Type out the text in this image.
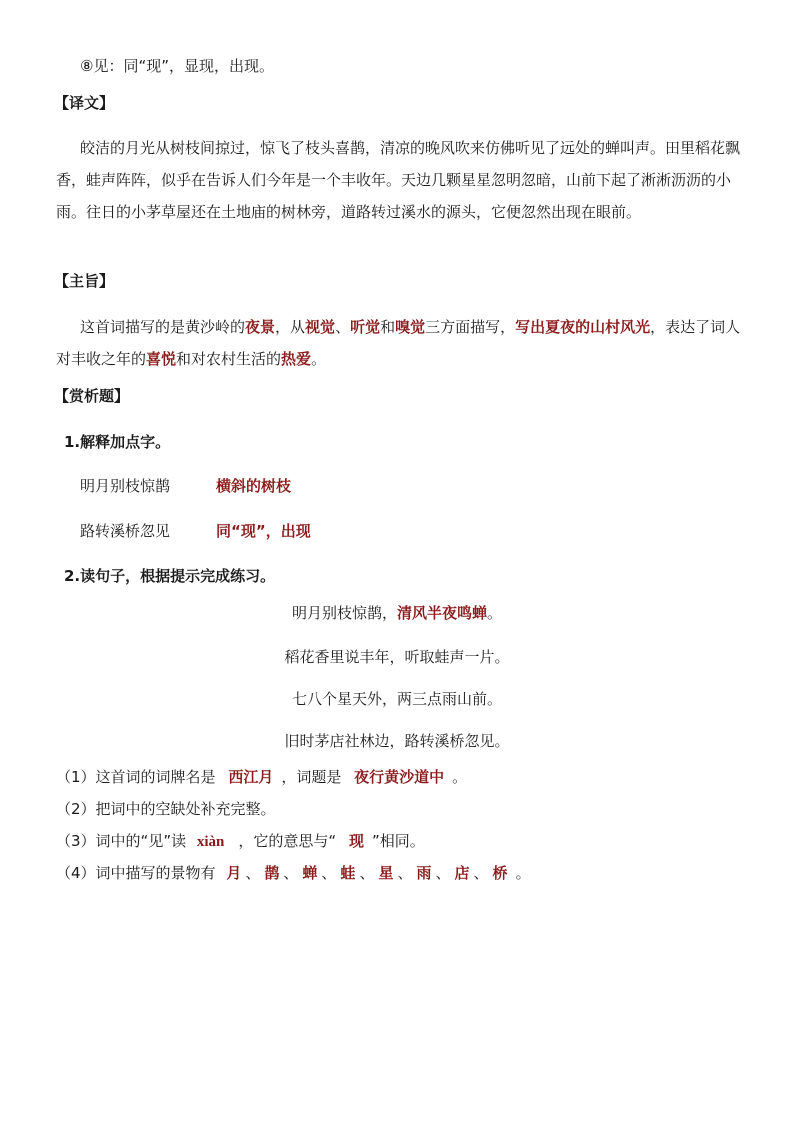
⑧见：同“现”，显现，出现。
【译文】
皎洁的月光从树枝间掠过，惊飞了枝头喜鹊，清凉的晚风吹来仿佛听见了远处的蝉叫声。田里稻花飘香，蛙声阵阵，似乎在告诉人们今年是一个丰收年。天边几颗星星忽明忽暗，山前下起了淅淅沥沥的小雨。往日的小茅草屋还在土地庙的树林旁，道路转过溪水的源头，它便忽然出现在眼前。
【主旨】
这首词描写的是黄沙岭的夜景，从视觉、听觉和嗅觉三方面描写，写出夏夜的山村风光，表达了词人对丰收之年的喜悦和对农村生活的热爱。
【赏析题】
1.解释加点字。
明月别枝惊鹊	横斜的树枝
路转溪桥忽见	同“现”，出现
2.读句子，根据提示完成练习。
明月别枝惊鹊，清风半夜鸣蝉。
稻花香里说丰年，听取蛙声一片。
七八个星天外，两三点雨山前。
旧时茅店社林边，路转溪桥忽见。
（1）这首词的词牌名是 西江月 ，词题是 夜行黄沙道中 。
（2）把词中的空缺处补充完整。
（3）词中的“见”读 xiàn ，它的意思与“ 现 ”相同。
（4）词中描写的景物有 月 、 鹊 、 蝉 、 蛙 、 星 、 雨 、 店 、 桥 。
